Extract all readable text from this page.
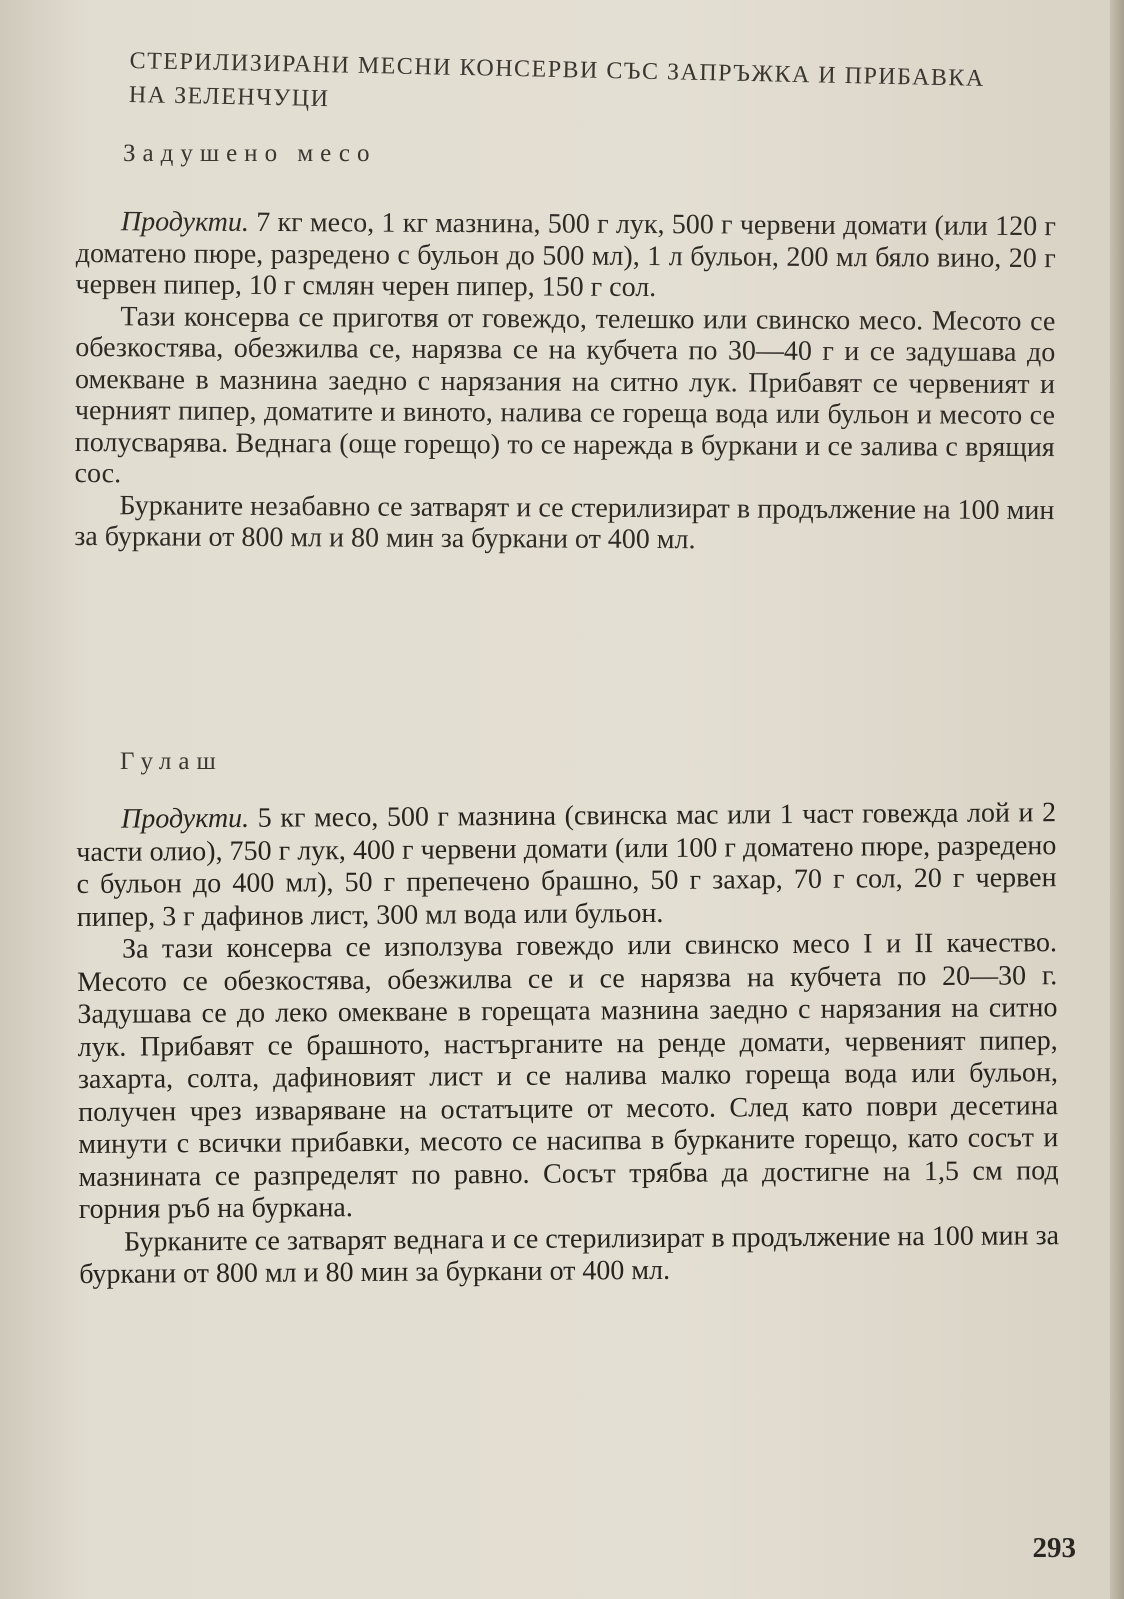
СТЕРИЛИЗИРАНИ МЕСНИ КОНСЕРВИ СЪС ЗАПРЪЖКА И ПРИБАВКА НА ЗЕЛЕНЧУЦИ
Задушено месо

Продукти. 7 кг месо, 1 кг мазнина, 500 г лук, 500 г червени домати (или 120 г доматено пюре, разредено с бульон до 500 мл), 1 л бульон, 200 мл бяло вино, 20 г червен пипер, 10 г смлян черен пипер, 150 г сол.

Тази консерва се приготвя от говеждо, телешко или свинско месо. Месото се обезкостява, обезжилва се, нарязва се на кубчета по 30—40 г и се задушава до омекване в мазнина заедно с нарязания на ситно лук. Прибавят се червеният и черният пипер, доматите и виното, налива се гореща вода или бульон и месото се полусварява. Веднага (още горещо) то се нарежда в буркани и се залива с врящия сос.

Бурканите незабавно се затварят и се стерилизират в продължение на 100 мин за буркани от 800 мл и 80 мин за буркани от 400 мл.

Гулаш

Продукти. 5 кг месо, 500 г мазнина (свинска мас или 1 част говежда лой и 2 части олио), 750 г лук, 400 г червени домати (или 100 г доматено пюре, разредено с бульон до 400 мл), 50 г препечено брашно, 50 г захар, 70 г сол, 20 г червен пипер, 3 г дафинов лист, 300 мл вода или бульон.

За тази консерва се използува говеждо или свинско месо I и II качество. Месото се обезкостява, обезжилва се и се нарязва на кубчета по 20—30 г. Задушава се до леко омекване в горещата мазнина заедно с нарязания на ситно лук. Прибавят се брашното, настърганите на ренде домати, червеният пипер, захарта, солта, дафиновият лист и се налива малко гореща вода или бульон, получен чрез изваряване на остатъците от месото. След като поври десетина минути с всички прибавки, месото се насипва в бурканите горещо, като сосът и мазнината се разпределят по равно. Сосът трябва да достигне на 1,5 см под горния ръб на буркана.

Бурканите се затварят веднага и се стерилизират в продължение на 100 мин за буркани от 800 мл и 80 мин за буркани от 400 мл.

293
